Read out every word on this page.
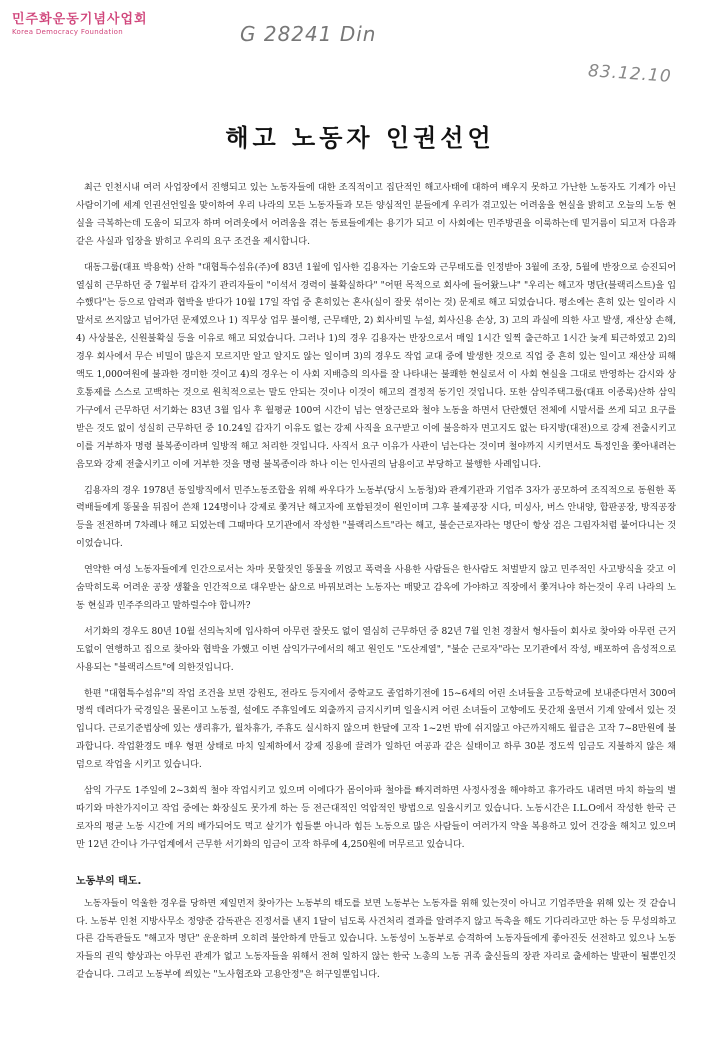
민주화운동기념사업회
Korea Democracy Foundation	G 28241 Din
83.12.10
해고 노동자 인권선언

최근 인천시내 여러 사업장에서 진행되고 있는 노동자들에 대한 조직적이고 집단적인 해고사태에 대하여 배우지 못하고 가난한 노동자도 기계가 아닌 사람이기에 세계 인권선언일을 맞이하여 우리 나라의 모든 노동자들과 모든 양심적인 분들에게 우리가 겪고있는 어려움을 현실을 밝히고 오늘의 노동 현실을 극복하는데 도움이 되고자 하며 어려웃에서 어려움을 겪는 동료들에게는 용기가 되고 이 사회에는 민주방권을 이룩하는데 밑거름이 되고저 다음과 같은 사실과 입장을 밝히고 우리의 요구 조건을 제시합니다.

대동그룹(대표 박용학) 산하 "대협특수섬유(주)에 83년 1월에 입사한 김용자는 기술도와 근무태도를 인정받아 3월에 조장, 5월에 반장으로 승진되어 열심히 근무하던 중 7월부터 갑자기 관리자들이 "이석서 경력이 불확실하다" "어떤 목적으로 회사에 들어왔느냐" "우리는 해고자 명단(블랙리스트)을 입수했다"는 등으로 압력과 협박을 받다가 10월 17일 작업 중 혼히있는 혼사(실이 잘못 섞이는 것) 문제로 해고 되었습니다. 평소에는 흔히 있는 일이라 시말서로 쓰지않고 넘어가던 문제였으나 1) 직무상 업무 불이행, 근무태만, 2) 회사비밀 누설, 회사신용 손상, 3) 고의 과실에 의한 사고 발생, 재산상 손해, 4) 사상불온, 신원불확실 등을 이유로 해고 되었습니다. 그러나 1)의 경우 김용자는 반장으로서 매일 1시간 일찍 출근하고 1시간 늦게 퇴근하였고 2)의 경우 회사에서 무슨 비밀이 많은지 모르지만 알고 알지도 않는 일이며 3)의 경우도 작업 교대 중에 발생한 것으로 직업 중 흔히 있는 일이고 재산상 피해액도 1,000여원에 불과한 경미한 것이고 4)의 경우는 이 사회 지배층의 의사를 잘 나타내는 불쾌한 현실로서 이 사회 현실을 그대로 반영하는 감시와 상호통제를 스스로 고백하는 것으로 원칙적으로는 말도 안되는 것이나 이것이 해고의 결정적 동기인 것입니다. 또한 삼익주택그룹(대표 이종록)산하 삼익 가구에서 근무하던 서기화는 83년 3월 입사 후 월평균 100여 시간이 넘는 연장근로와 철야 노동을 하면서 단란했던 전체에 시말서를 쓰게 되고 요구를 받은 것도 없이 성실히 근무하던 중 10.24일 갑자기 이유도 없는 강제 사직을 요구받고 이에 불응하자 면고지도 없는 타지방(대전)으로 강제 전출시키고 이를 거부하자 명령 불복종이라며 일방적 해고 처리한 것입니다. 사직서 요구 이유가 사관이 넘는다는 것이며 철야까지 시키면서도 특정인을 쫓아내려는 음모와 강제 전출시키고 이에 거부한 것을 명령 불복종이라 하나 이는 인사권의 남용이고 부당하고 불행한 사례입니다.

김용자의 경우 1978년 동일방직에서 민주노동조합을 위해 싸우다가 노동부(당시 노동청)와 관계기관과 기업주 3자가 공모하여 조직적으로 동원한 폭력배들에게 똥물을 뒤집어 쓴채 124명이나 강제로 쫓겨난 해고자에 포함된것이 원인이며 그후 불제공장 시다, 미싱사, 버스 안내양, 합판공장, 방직공장 등을 전전하며 7차례나 해고 되었는데 그때마다 모기관에서 작성한 "블랙리스트"라는 해고, 불순근로자라는 명단이 항상 검은 그림자처럼 붙어다니는 것이었습니다.

연약한 여성 노동자들에게 인간으로서는 차마 못할짓인 똥물을 끼얹고 폭력을 사용한 사람들은 한사람도 처벌받지 않고 민주적인 사고방식을 갖고 이 숨막히도록 어려운 공장 생활을 인간적으로 대우받는 삶으로 바꿔보려는 노동자는 매맞고 감옥에 가야하고 직장에서 쫓겨나야 하는것이 우리 나라의 노동 현실과 민주주의라고 말하럴수야 합니까?

서기화의 경우도 80년 10월 선의녹치에 입사하여 아무런 잘못도 없이 열심히 근무하던 중 82년 7월 인천 경찰서 형사들이 회사로 찾아와 아무런 근거도없이 연행하고 집으로 찾아와 협박을 가했고 이번 삼익가구에서의 해고 원인도 "도산계열", "불순 근로자"라는 모기관에서 작성, 배포하여 음성적으로 사용되는 "블랙리스트"에 의한것입니다.

한편 "대협특수섬유"의 작업 조건을 보면 강원도, 전라도 등지에서 중학교도 졸업하기전에 15~6세의 어린 소녀들을 고등학교에 보내준다면서 300여명씩 데려다가 국경일은 물론이고 노동절, 설에도 주휴일에도 외출까지 금지시키며 일을시켜 어린 소녀들이 고향에도 못간채 울면서 기계 앞에서 있는 것입니다. 근로기준법상에 있는 생리휴가, 월차휴가, 주휴도 실시하지 않으며 한달에 고작 1~2번 밖에 쉬지않고 야근까지해도 월급은 고작 7~8만원에 불과합니다. 작업환경도 매우 형편 상태로 마치 일제하에서 강제 징용에 끌려가 일하던 여공과 같은 실태이고 하루 30분 정도씩 임금도 지불하지 않은 채 덤으로 작업을 시키고 있습니다.

삼익 가구도 1주일에 2~3회씩 철야 작업시키고 있으며 이에다가 몸이아파 철야를 빠지려하면 사정사정을 해야하고 휴가라도 내려면 마치 하늘의 별따기와 마찬가지이고 작업 중에는 화장실도 못가게 하는 등 전근대적인 억압적인 방법으로 일을시키고 있습니다. 노동시간은 I.L.O에서 작성한 한국 근로자의 평균 노동 시간에 거의 배가되어도 먹고 살기가 힘들뿐 아니라 힘든 노동으로 많은 사람들이 여러가지 약을 복용하고 있어 건강을 해치고 있으며 만 12년 간이나 가구업계에서 근무한 서기화의 임금이 고작 하루에 4,250원에 머무르고 있습니다.

노동부의 태도.

노동자들이 억울한 경우를 당하면 제일먼저 찾아가는 노동부의 태도를 보면 노동부는 노동자를 위해 있는것이 아니고 기업주만을 위해 있는 것 같습니다. 노동부 인천 지방사무소 정양준 감독관은 진정서를 낸지 1달이 넘도록 사건처리 결과를 알려주지 않고 독촉을 해도 기다리라고만 하는 등 무성의하고 다른 감독관들도 "해고자 명단" 운운하며 오히려 불안하게 만들고 있습니다. 노동성이 노동부로 승격하여 노동자들에게 좋아진듯 선전하고 있으나 노동자들의 권익 향상과는 아무런 관계가 없고 노동자들을 위해서 전혀 일하지 않는 한국 노총의 노동 귀족 출신들의 장관 자리로 출세하는 발판이 될뿐인것 같습니다. 그리고 노동부에 씌있는 "노사협조와 고용안정"은 허구일뿐입니다.
